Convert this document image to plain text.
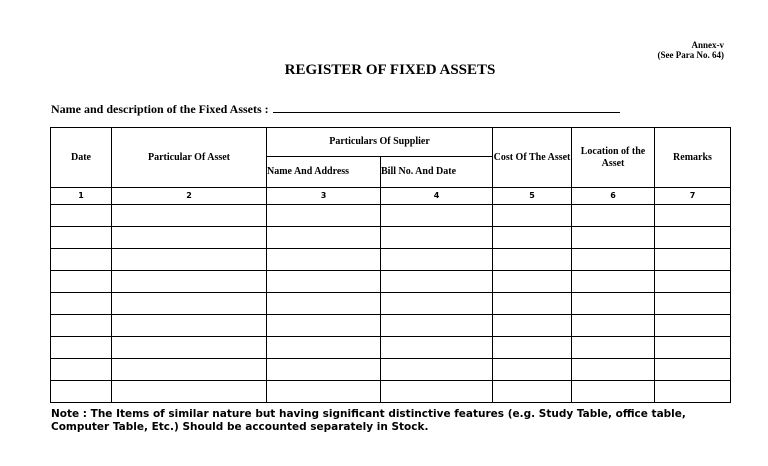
Annex-v
(See Para No. 64)
REGISTER OF FIXED ASSETS
Name and description of the Fixed Assets :
Date	Particular Of Asset	Particulars Of Supplier		Cost Of The Asset	Location of the Asset	Remarks
		Name And Address	Bill No. And Date			
1	2	3	4	5	6	7

Note : The Items of similar nature but having significant distinctive features (e.g. Study Table, office table, Computer Table, Etc.) Should be accounted separately in Stock.
